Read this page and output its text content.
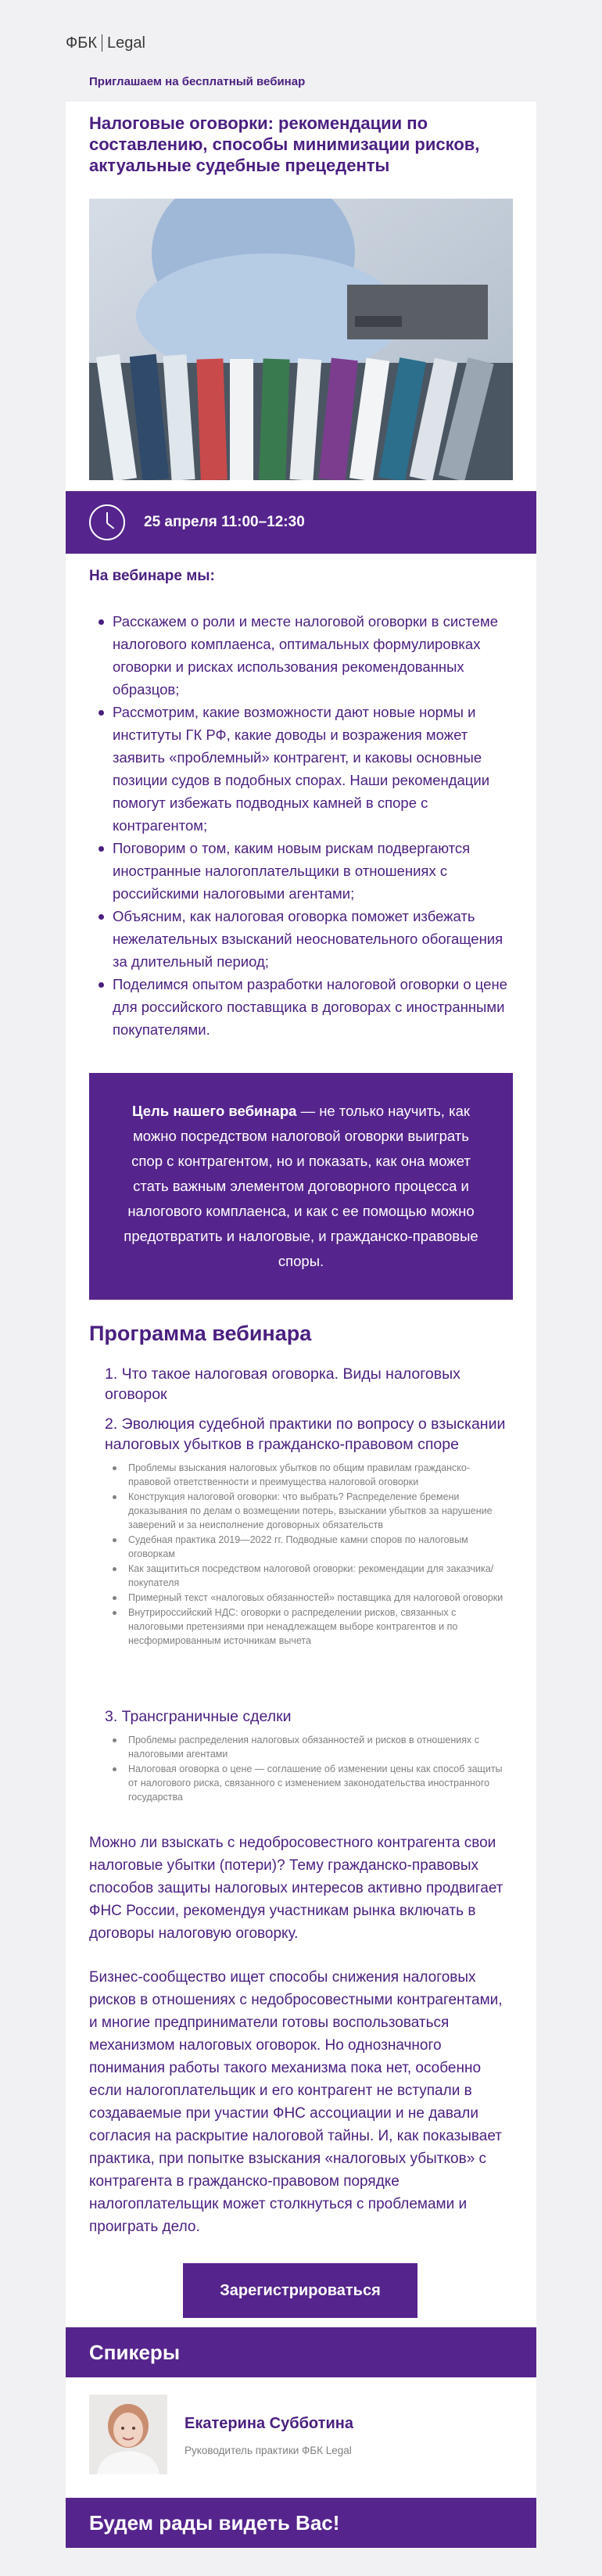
ФБК Legal
Приглашаем на бесплатный вебинар
Налоговые оговорки: рекомендации по составлению, способы минимизации рисков, актуальные судебные прецеденты
25 апреля 11:00–12:30
На вебинаре мы:
Расскажем о роли и месте налоговой оговорки в системе налогового комплаенса, оптимальных формулировках оговорки и рисках использования рекомендованных образцов;
Рассмотрим, какие возможности дают новые нормы и институты ГК РФ, какие доводы и возражения может заявить «проблемный» контрагент, и каковы основные позиции судов в подобных спорах. Наши рекомендации помогут избежать подводных камней в споре с контрагентом;
Поговорим о том, каким новым рискам подвергаются иностранные налогоплательщики в отношениях с российскими налоговыми агентами;
Объясним, как налоговая оговорка поможет избежать нежелательных взысканий неосновательного обогащения за длительный период;
Поделимся опытом разработки налоговой оговорки о цене для российского поставщика в договорах с иностранными покупателями.

Цель нашего вебинара — не только научить, как можно посредством налоговой оговорки выиграть спор с контрагентом, но и показать, как она может стать важным элементом договорного процесса и налогового комплаенса, и как с ее помощью можно предотвратить и налоговые, и гражданско-правовые споры.

Программа вебинара
1. Что такое налоговая оговорка. Виды налоговых оговорок
2. Эволюция судебной практики по вопросу о взыскании налоговых убытков в гражданско-правовом споре
Проблемы взыскания налоговых убытков по общим правилам гражданско-правовой ответственности и преимущества налоговой оговорки
Конструкция налоговой оговорки: что выбрать? Распределение бремени доказывания по делам о возмещении потерь, взыскании убытков за нарушение заверений и за неисполнение договорных обязательств
Судебная практика 2019—2022 гг. Подводные камни споров по налоговым оговоркам
Как защититься посредством налоговой оговорки: рекомендации для заказчика/покупателя
Примерный текст «налоговых обязанностей» поставщика для налоговой оговорки
Внутрироссийский НДС: оговорки о распределении рисков, связанных с налоговыми претензиями при ненадлежащем выборе контрагентов и по несформированным источникам вычета
3. Трансграничные сделки
Проблемы распределения налоговых обязанностей и рисков в отношениях с налоговыми агентами
Налоговая оговорка о цене — соглашение об изменении цены как способ защиты от налогового риска, связанного с изменением законодательства иностранного государства
Можно ли взыскать с недобросовестного контрагента свои налоговые убытки (потери)? Тему гражданско-правовых способов защиты налоговых интересов активно продвигает ФНС России, рекомендуя участникам рынка включать в договоры налоговую оговорку.
Бизнес-сообщество ищет способы снижения налоговых рисков в отношениях с недобросовестными контрагентами, и многие предприниматели готовы воспользоваться механизмом налоговых оговорок. Но однозначного понимания работы такого механизма пока нет, особенно если налогоплательщик и его контрагент не вступали в создаваемые при участии ФНС ассоциации и не давали согласия на раскрытие налоговой тайны. И, как показывает практика, при попытке взыскания «налоговых убытков» с контрагента в гражданско-правовом порядке налогоплательщик может столкнуться с проблемами и проиграть дело.
Зарегистрироваться
Спикеры
Екатерина Субботина
Руководитель практики ФБК Legal
Будем рады видеть Вас!
